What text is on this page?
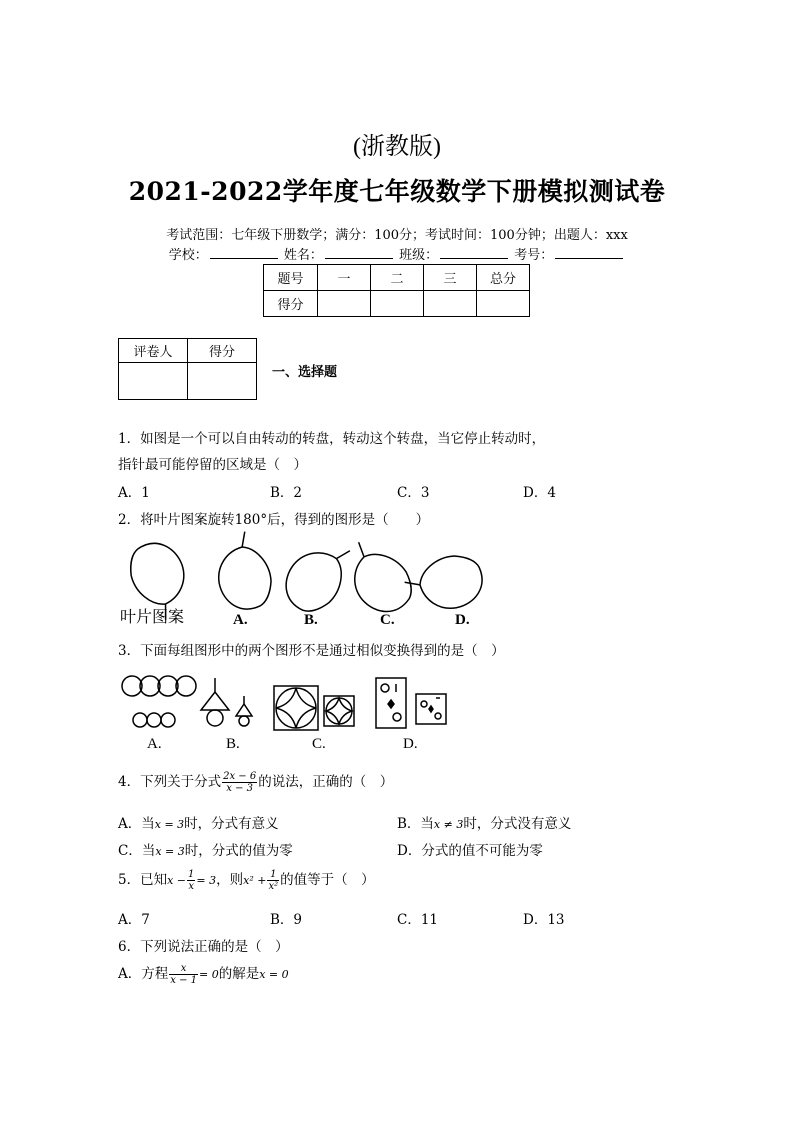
(浙教版)
2021-2022学年度七年级数学下册模拟测试卷
考试范围：七年级下册数学；满分：100分；考试时间：100分钟；出题人：xxx
学校：	姓名：	班级：	考号：
题号	一	二	三	总分
得分				
评卷人	得分

一、选择题
1．如图是一个可以自由转动的转盘，转动这个转盘，当它停止转动时，
指针最可能停留的区域是（　）
A．1	B．2	C．3	D．4
2．将叶片图案旋转180°后，得到的图形是（　　）
叶片图案	A.	B.	C.	D.
3．下面每组图形中的两个图形不是通过相似变换得到的是（　）
A.	B.	C.	D.
4．下列关于分式 $\frac{2x - 6}{x - 3}$ 的说法，正确的（　）
A．当x = 3时，分式有意义	B．当x ≠ 3时，分式没有意义
C．当x = 3时，分式的值为零	D．分式的值不可能为零
5．已知$x - \frac{1}{x} = 3$，则$x^2 + \frac{1}{\text{x²}}$ 的值等于（　）
A．7	B．9	C．11	D．13
6．下列说法正确的是（　）
A．方程 $\frac{x}{x - 1} = 0$的解是x = 0
